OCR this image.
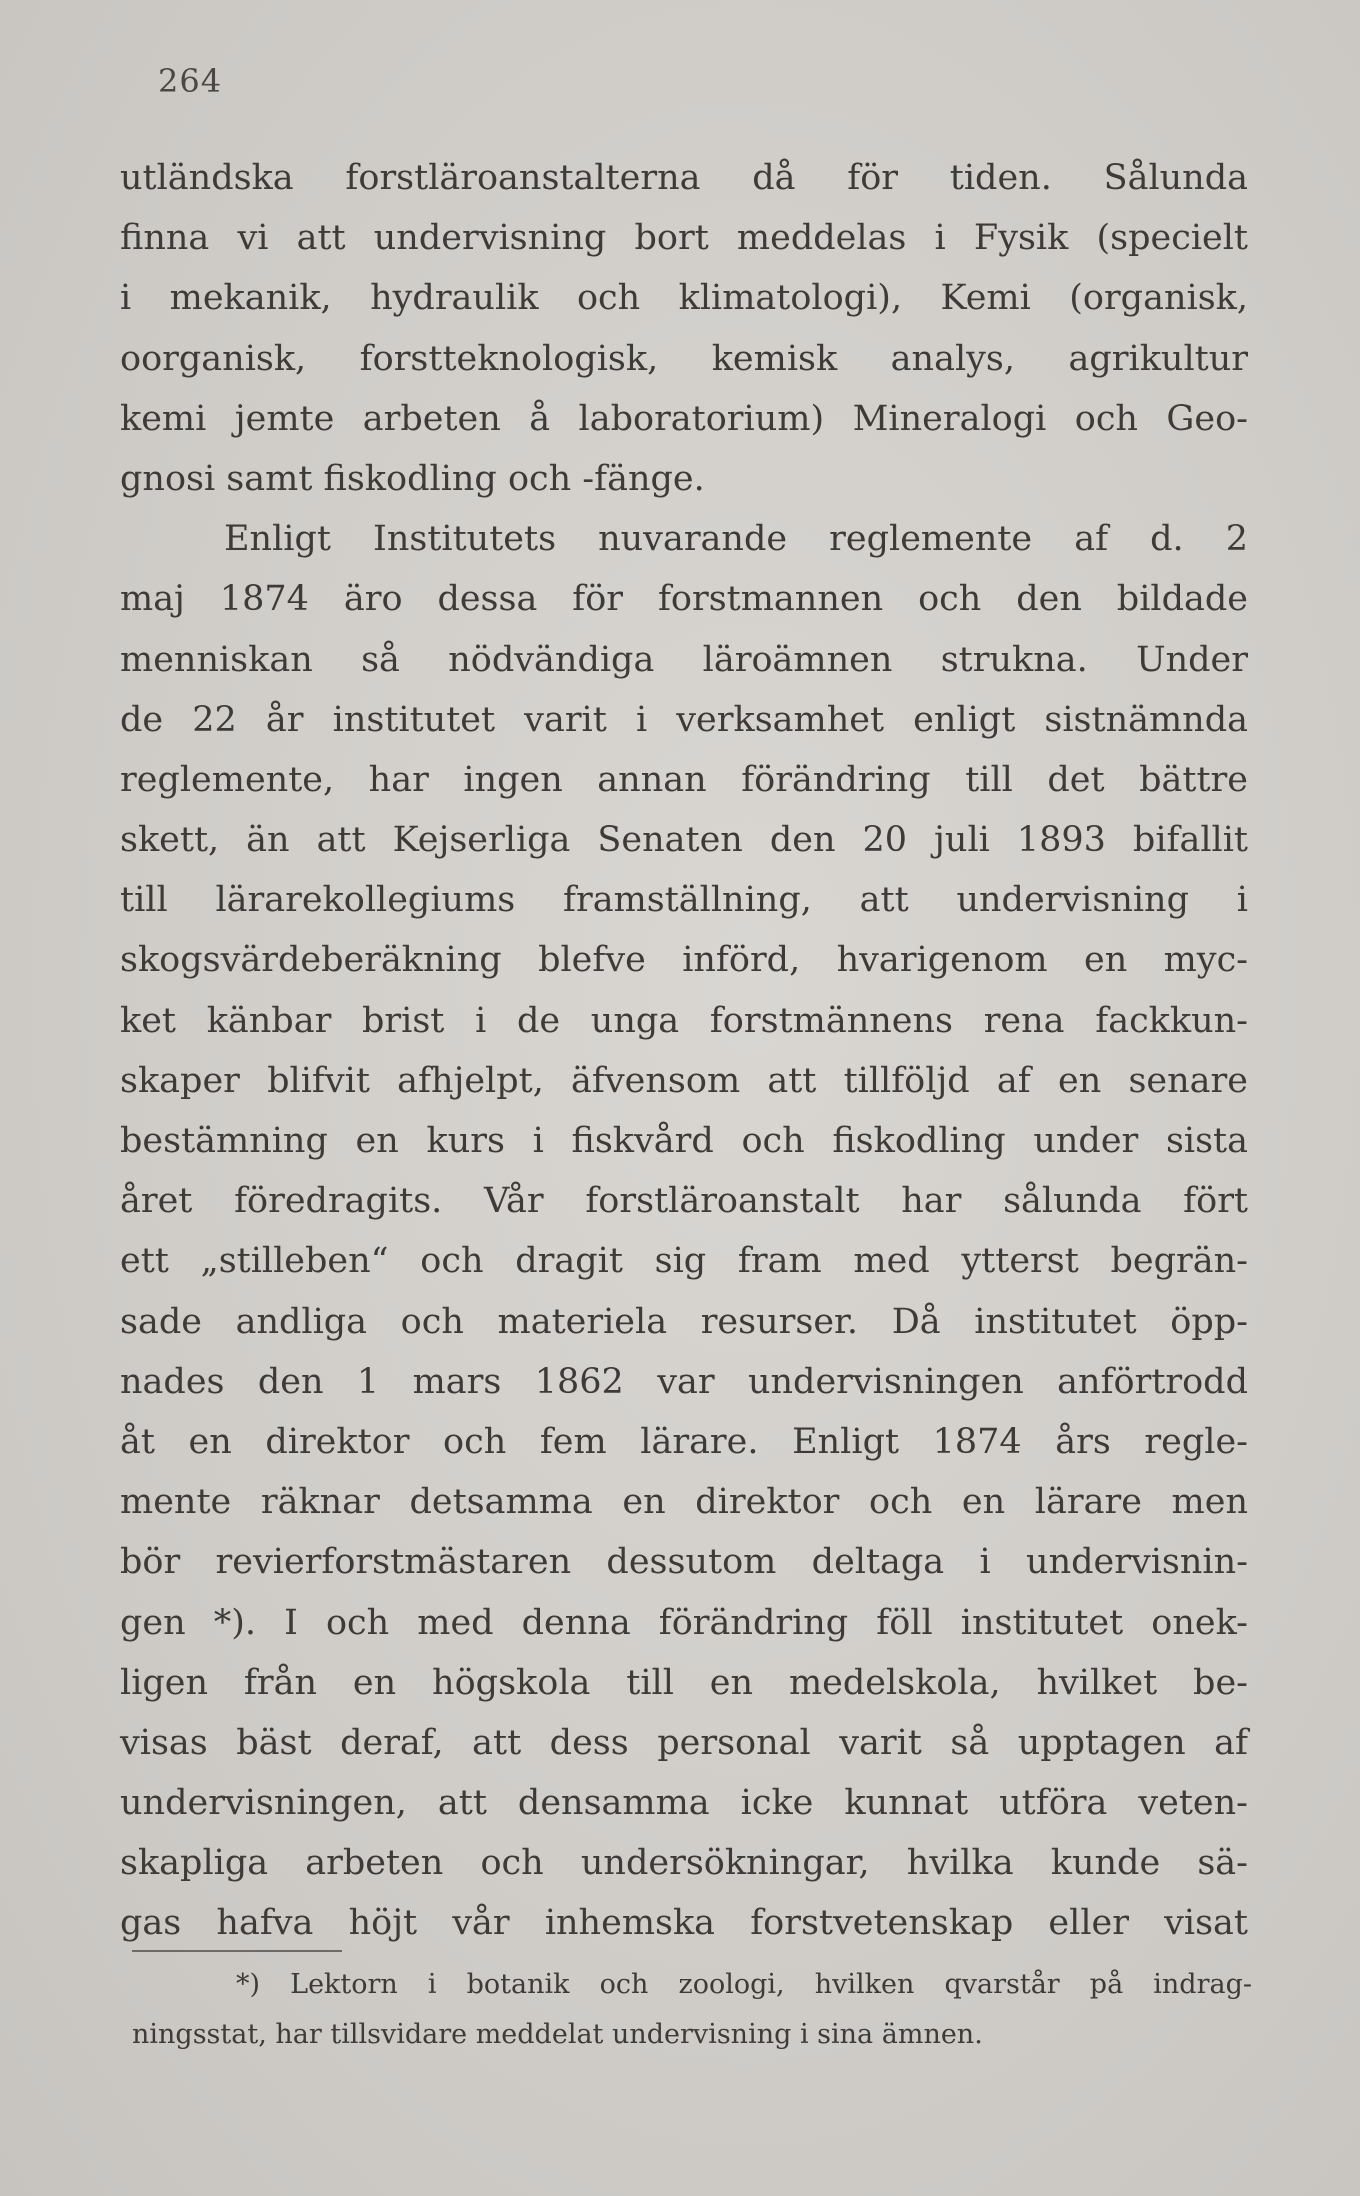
264
utländska forstläroanstalterna då för tiden. Sålunda
finna vi att undervisning bort meddelas i Fysik (specielt
i mekanik, hydraulik och klimatologi), Kemi (organisk,
oorganisk, forstteknologisk, kemisk analys, agrikultur
kemi jemte arbeten å laboratorium) Mineralogi och Geo-
gnosi samt fiskodling och -fänge.
Enligt Institutets nuvarande reglemente af d. 2
maj 1874 äro dessa för forstmannen och den bildade
menniskan så nödvändiga läroämnen strukna. Under
de 22 år institutet varit i verksamhet enligt sistnämnda
reglemente, har ingen annan förändring till det bättre
skett, än att Kejserliga Senaten den 20 juli 1893 bifallit
till lärarekollegiums framställning, att undervisning i
skogsvärdeberäkning blefve införd, hvarigenom en myc-
ket känbar brist i de unga forstmännens rena fackkun-
skaper blifvit afhjelpt, äfvensom att tillföljd af en senare
bestämning en kurs i fiskvård och fiskodling under sista
året föredragits. Vår forstläroanstalt har sålunda fört
ett „stilleben“ och dragit sig fram med ytterst begrän-
sade andliga och materiela resurser. Då institutet öpp-
nades den 1 mars 1862 var undervisningen anförtrodd
åt en direktor och fem lärare. Enligt 1874 års regle-
mente räknar detsamma en direktor och en lärare men
bör revierforstmästaren dessutom deltaga i undervisnin-
gen *). I och med denna förändring föll institutet onek-
ligen från en högskola till en medelskola, hvilket be-
visas bäst deraf, att dess personal varit så upptagen af
undervisningen, att densamma icke kunnat utföra veten-
skapliga arbeten och undersökningar, hvilka kunde sä-
gas hafva höjt vår inhemska forstvetenskap eller visat
*) Lektorn i botanik och zoologi, hvilken qvarstår på indrag-
ningsstat, har tillsvidare meddelat undervisning i sina ämnen.
